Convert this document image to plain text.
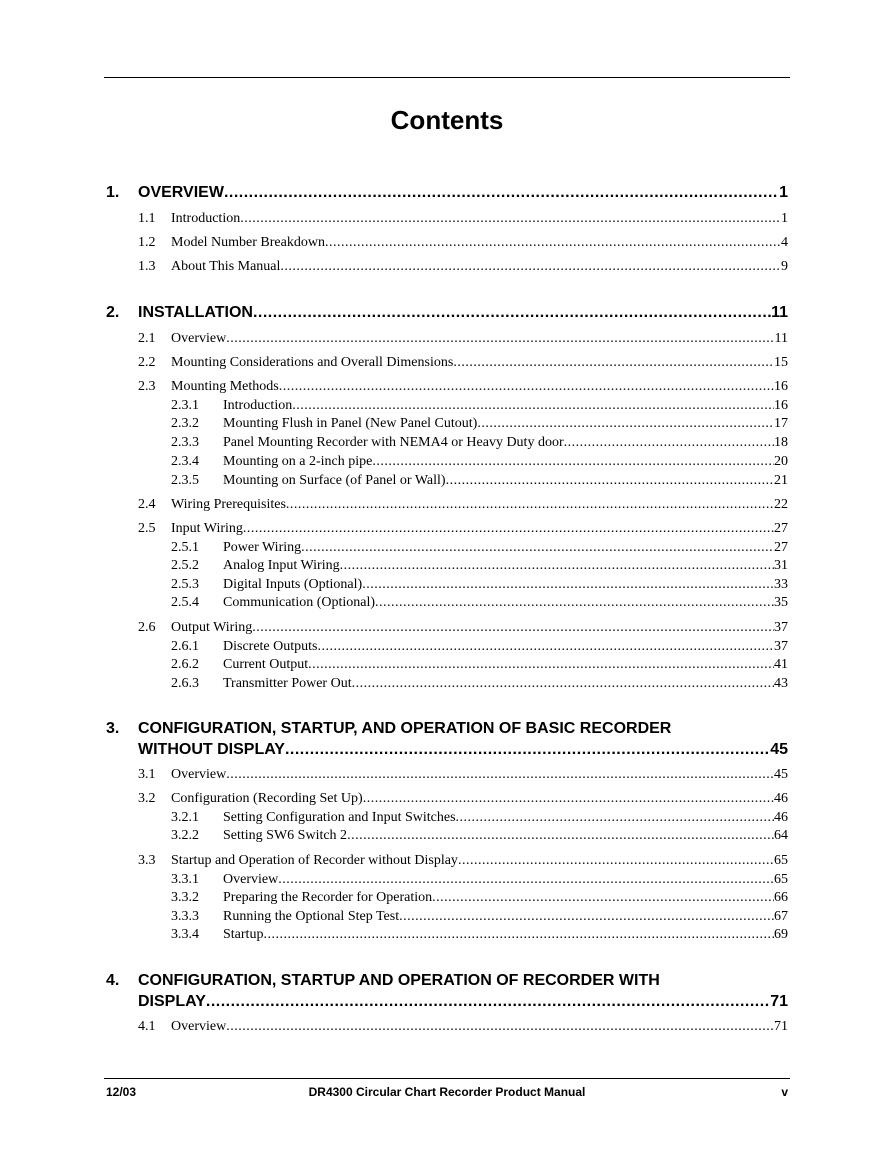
Contents
1.	OVERVIEW .....	1
1.1	Introduction .....	1
1.2	Model Number Breakdown .....	4
1.3	About This Manual .....	9
2.	INSTALLATION .....	11
2.1	Overview .....	11
2.2	Mounting Considerations and Overall Dimensions .....	15
2.3	Mounting Methods .....	16
2.3.1	Introduction .....	16
2.3.2	Mounting Flush in Panel (New Panel Cutout) .....	17
2.3.3	Panel Mounting Recorder with NEMA4 or Heavy Duty door .....	18
2.3.4	Mounting on a 2-inch pipe .....	20
2.3.5	Mounting on Surface (of Panel or Wall) .....	21
2.4	Wiring Prerequisites .....	22
2.5	Input Wiring .....	27
2.5.1	Power Wiring .....	27
2.5.2	Analog Input Wiring .....	31
2.5.3	Digital Inputs (Optional) .....	33
2.5.4	Communication (Optional) .....	35
2.6	Output Wiring .....	37
2.6.1	Discrete Outputs .....	37
2.6.2	Current Output .....	41
2.6.3	Transmitter Power Out .....	43
3. CONFIGURATION, STARTUP, AND OPERATION OF BASIC RECORDER
WITHOUT DISPLAY .....	45
3.1	Overview .....	45
3.2	Configuration (Recording Set Up) .....	46
3.2.1	Setting Configuration and Input Switches .....	46
3.2.2	Setting SW6 Switch 2 .....	64
3.3	Startup and Operation of Recorder without Display .....	65
3.3.1	Overview .....	65
3.3.2	Preparing the Recorder for Operation .....	66
3.3.3	Running the Optional Step Test .....	67
3.3.4	Startup .....	69
4. CONFIGURATION, STARTUP AND OPERATION OF RECORDER WITH
DISPLAY .....	71
4.1	Overview .....	71
12/03	DR4300 Circular Chart Recorder Product Manual	v
